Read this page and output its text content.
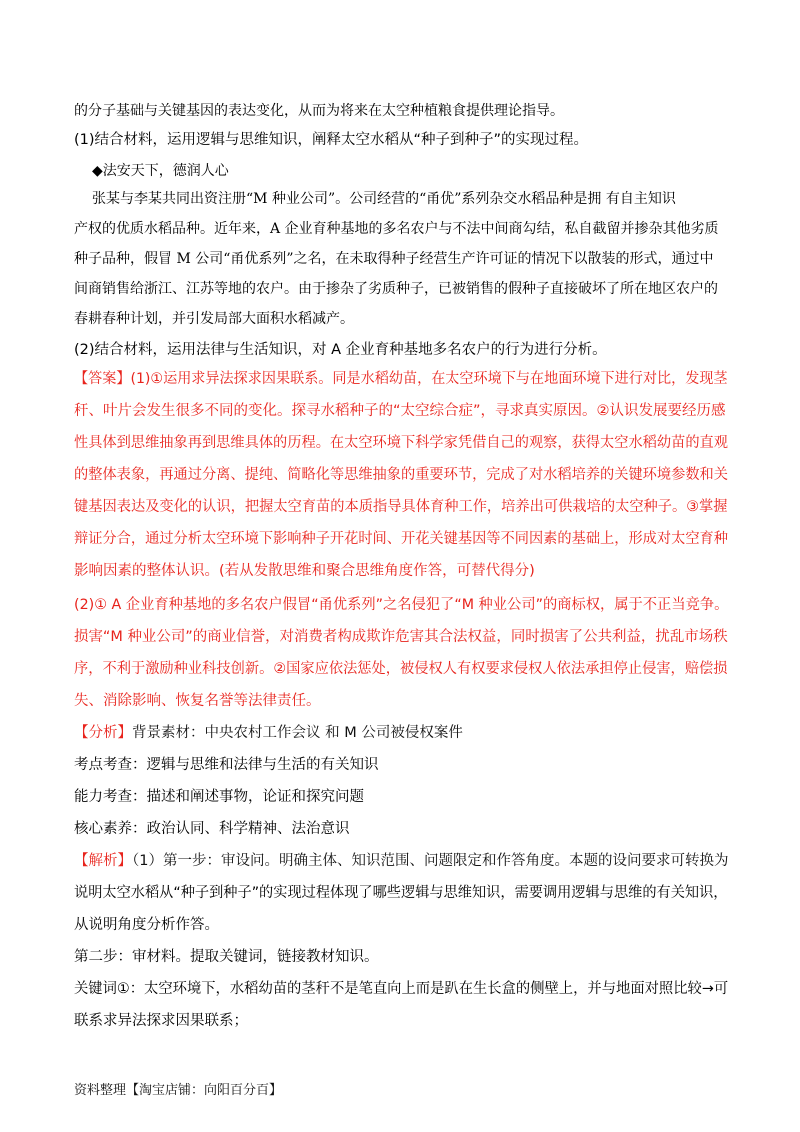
的分子基础与关键基因的表达变化，从而为将来在太空种植粮食提供理论指导。
(1)结合材料，运用逻辑与思维知识，阐释太空水稻从“种子到种子”的实现过程。
◆法安天下，德润人心
张某与李某共同出资注册“M 种业公司”。公司经营的“甬优”系列杂交水稻品种是拥 有自主知识
产权的优质水稻品种。近年来，A 企业育种基地的多名农户与不法中间商勾结，私自截留并掺杂其他劣质
种子品种，假冒 M 公司“甬优系列”之名，在未取得种子经营生产许可证的情况下以散装的形式，通过中
间商销售给浙江、江苏等地的农户。由于掺杂了劣质种子，已被销售的假种子直接破坏了所在地区农户的
春耕春种计划，并引发局部大面积水稻减产。
(2)结合材料，运用法律与生活知识，对 A 企业育种基地多名农户的行为进行分析。
【答案】(1)①运用求异法探求因果联系。同是水稻幼苗，在太空环境下与在地面环境下进行对比，发现茎
秆、叶片会发生很多不同的变化。探寻水稻种子的“太空综合症”，寻求真实原因。②认识发展要经历感
性具体到思维抽象再到思维具体的历程。在太空环境下科学家凭借自己的观察，获得太空水稻幼苗的直观
的整体表象，再通过分离、提纯、简略化等思维抽象的重要环节，完成了对水稻培养的关键环境参数和关
键基因表达及变化的认识，把握太空育苗的本质指导具体育种工作，培养出可供栽培的太空种子。③掌握
辩证分合，通过分析太空环境下影响种子开花时间、开花关键基因等不同因素的基础上，形成对太空育种
影响因素的整体认识。(若从发散思维和聚合思维角度作答，可替代得分)
(2)① A 企业育种基地的多名农户假冒“甬优系列”之名侵犯了“M 种业公司”的商标权，属于不正当竞争。
损害“M 种业公司”的商业信誉，对消费者构成欺诈危害其合法权益，同时损害了公共利益，扰乱市场秩
序，不利于激励种业科技创新。②国家应依法惩处，被侵权人有权要求侵权人依法承担停止侵害，赔偿损
失、消除影响、恢复名誉等法律责任。
【分析】背景素材：中央农村工作会议 和 M 公司被侵权案件
考点考查：逻辑与思维和法律与生活的有关知识
能力考查：描述和阐述事物，论证和探究问题
核心素养：政治认同、科学精神、法治意识
【解析】（1）第一步：审设问。明确主体、知识范围、问题限定和作答角度。本题的设问要求可转换为
说明太空水稻从“种子到种子”的实现过程体现了哪些逻辑与思维知识，需要调用逻辑与思维的有关知识，
从说明角度分析作答。
第二步：审材料。提取关键词，链接教材知识。
关键词①：太空环境下，水稻幼苗的茎秆不是笔直向上而是趴在生长盒的侧壁上，并与地面对照比较→可
联系求异法探求因果联系；
资料整理【淘宝店铺：向阳百分百】
